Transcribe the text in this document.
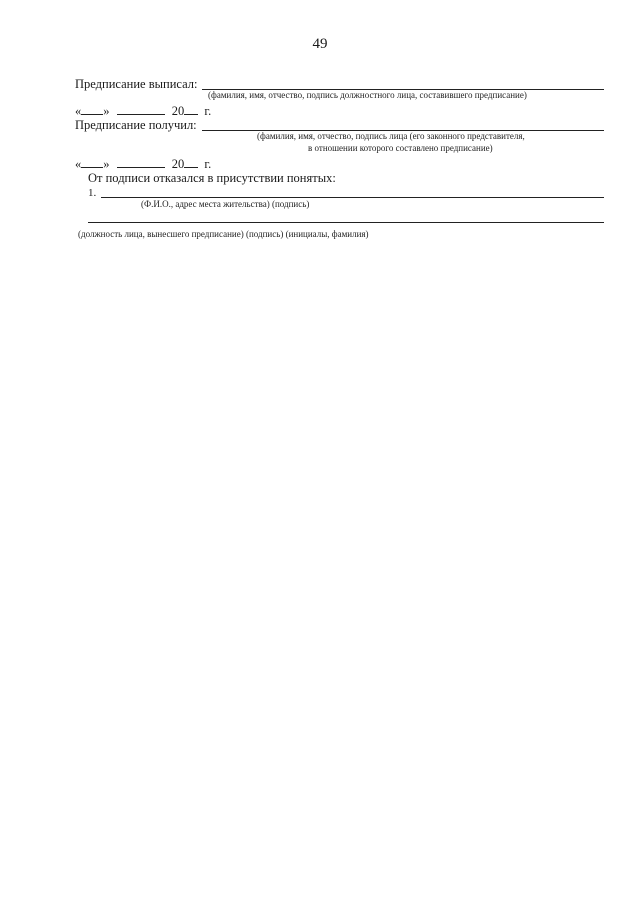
49
Предписание выписал:
(фамилия, имя, отчество, подпись должностного лица, составившего предписание)
« »	20 г.
Предписание получил:
(фамилия, имя, отчество, подпись лица (его законного представителя,
в отношении которого составлено предписание)
« »	20 г.
От подписи отказался в присутствии понятых:
1.
(Ф.И.О., адрес места жительства) (подпись)
(должность лица, вынесшего предписание) (подпись) (инициалы, фамилия)
